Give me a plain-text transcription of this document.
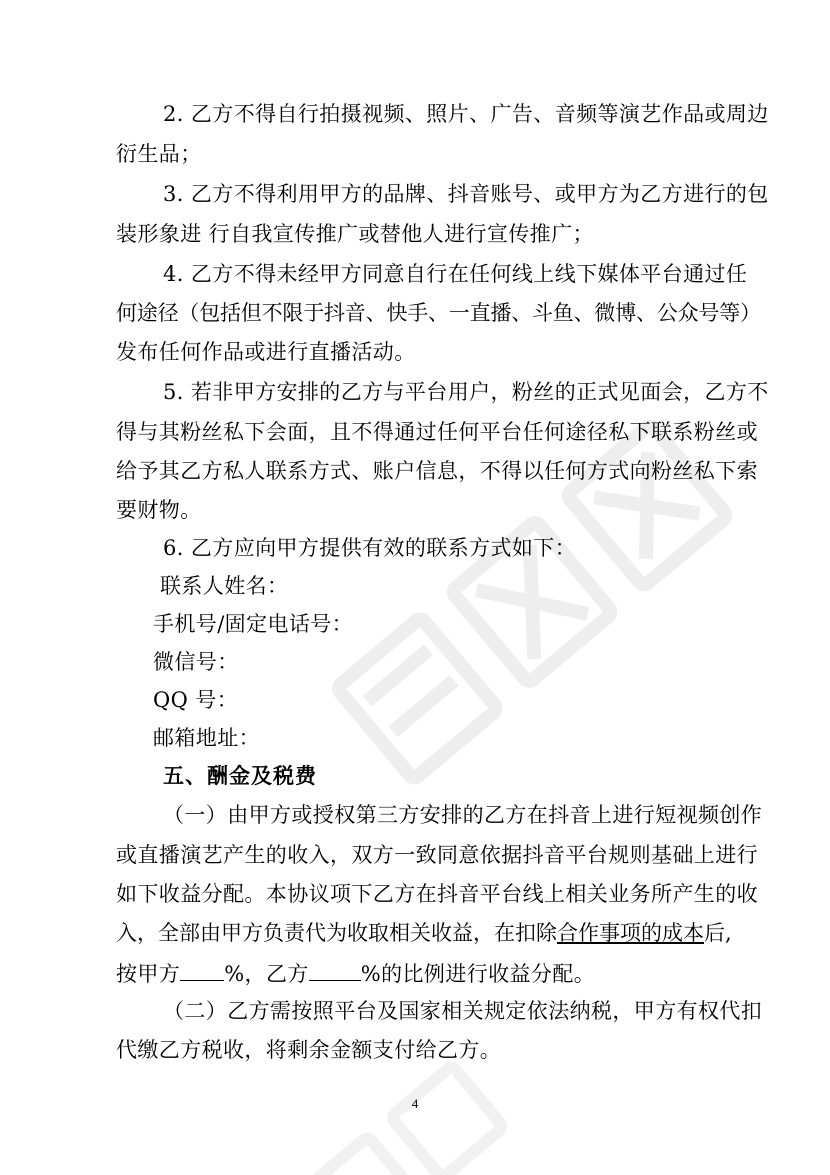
2. 乙方不得自行拍摄视频、照片、广告、音频等演艺作品或周边
衍生品；
3. 乙方不得利用甲方的品牌、抖音账号、或甲方为乙方进行的包
装形象进 行自我宣传推广或替他人进行宣传推广；
4. 乙方不得未经甲方同意自行在任何线上线下媒体平台通过任
何途径（包括但不限于抖音、快手、一直播、斗鱼、微博、公众号等）
发布任何作品或进行直播活动。
5. 若非甲方安排的乙方与平台用户，粉丝的正式见面会，乙方不
得与其粉丝私下会面，且不得通过任何平台任何途径私下联系粉丝或
给予其乙方私人联系方式、账户信息，不得以任何方式向粉丝私下索
要财物。
6. 乙方应向甲方提供有效的联系方式如下：
联系人姓名：
手机号/固定电话号：
微信号：
QQ 号：
邮箱地址：
五、酬金及税费
（一）由甲方或授权第三方安排的乙方在抖音上进行短视频创作
或直播演艺产生的收入，双方一致同意依据抖音平台规则基础上进行
如下收益分配。本协议项下乙方在抖音平台线上相关业务所产生的收
入，全部由甲方负责代为收取相关收益，在扣除合作事项的成本后,
按甲方 %，乙方 %的比例进行收益分配。
（二）乙方需按照平台及国家相关规定依法纳税，甲方有权代扣
代缴乙方税收，将剩余金额支付给乙方。
4
